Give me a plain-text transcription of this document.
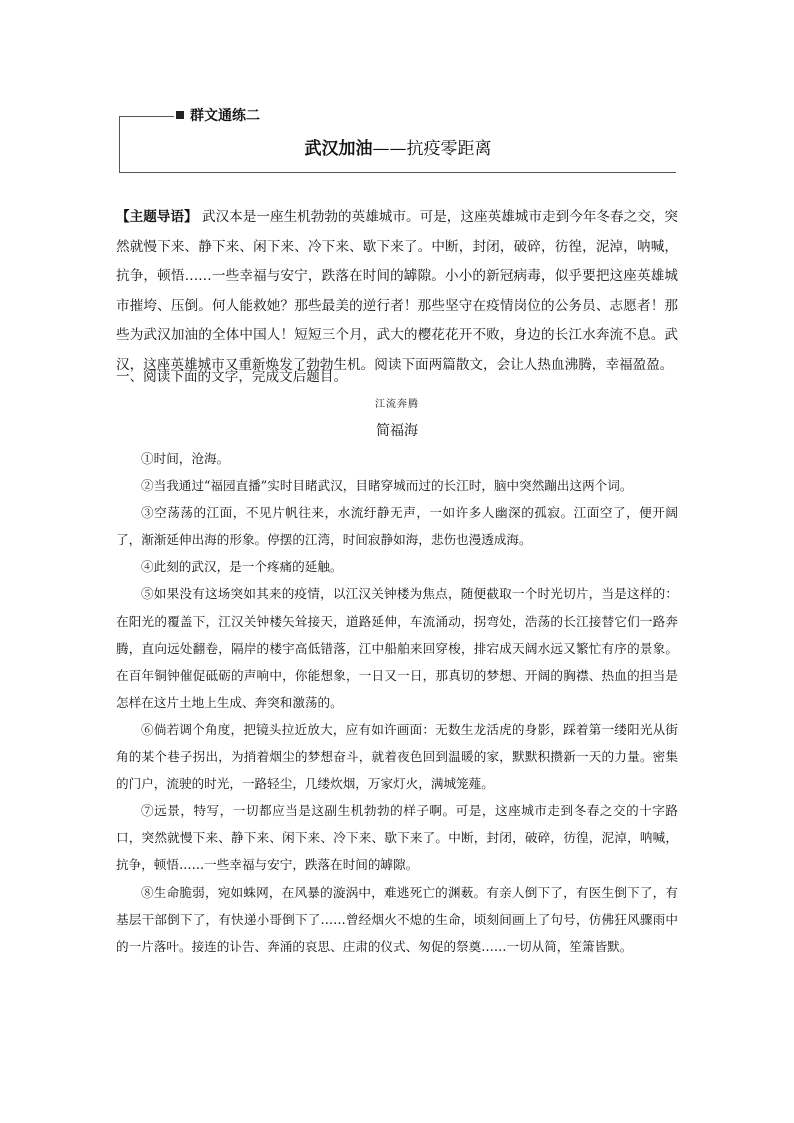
群文通练二
武汉加油——抗疫零距离
【主题导语】 武汉本是一座生机勃勃的英雄城市。可是，这座英雄城市走到今年冬春之交，突然就慢下来、静下来、闲下来、冷下来、歇下来了。中断，封闭，破碎，彷徨，泥淖，呐喊，抗争，顿悟……一些幸福与安宁，跌落在时间的罅隙。小小的新冠病毒，似乎要把这座英雄城市摧垮、压倒。何人能救她？那些最美的逆行者！那些坚守在疫情岗位的公务员、志愿者！那些为武汉加油的全体中国人！短短三个月，武大的樱花花开不败，身边的长江水奔流不息。武汉，这座英雄城市又重新焕发了勃勃生机。阅读下面两篇散文，会让人热血沸腾，幸福盈盈。
一、阅读下面的文字，完成文后题目。
江流奔腾
简福海

①时间，沧海。

②当我通过“福园直播”实时目睹武汉，目睹穿城而过的长江时，脑中突然蹦出这两个词。

③空荡荡的江面，不见片帆往来，水流纡静无声，一如许多人幽深的孤寂。江面空了，便开阔了，渐渐延伸出海的形象。停摆的江湾，时间寂静如海，悲伤也漫透成海。

④此刻的武汉，是一个疼痛的延触。

⑤如果没有这场突如其来的疫情，以江汉关钟楼为焦点，随便截取一个时光切片，当是这样的：在阳光的覆盖下，江汉关钟楼矢耸接天，道路延伸，车流涌动，拐弯处，浩荡的长江接替它们一路奔腾，直向远处翻卷，隔岸的楼宇高低错落，江中船舶来回穿梭，排宕成天阔水远又繁忙有序的景象。在百年铜钟催促砥砺的声响中，你能想象，一日又一日，那真切的梦想、开阔的胸襟、热血的担当是怎样在这片土地上生成、奔突和激荡的。

⑥倘若调个角度，把镜头拉近放大，应有如许画面：无数生龙活虎的身影，踩着第一缕阳光从街角的某个巷子拐出，为捎着烟尘的梦想奋斗，就着夜色回到温暖的家，默默积攒新一天的力量。密集的门户，流驶的时光，一路轻尘，几缕炊烟，万家灯火，满城笼薤。

⑦远景，特写，一切都应当是这副生机勃勃的样子啊。可是，这座城市走到冬春之交的十字路口，突然就慢下来、静下来、闲下来、冷下来、歇下来了。中断，封闭，破碎，彷徨，泥淖，呐喊，抗争，顿悟……一些幸福与安宁，跌落在时间的罅隙。

⑧生命脆弱，宛如蛛网，在风暴的漩涡中，难逃死亡的渊薮。有亲人倒下了，有医生倒下了，有基层干部倒下了，有快递小哥倒下了……曾经烟火不熄的生命，顷刻间画上了句号，仿佛狂风骤雨中的一片落叶。接连的讣告、奔涌的哀思、庄肃的仪式、匆促的祭奠……一切从简，笙箫皆默。
